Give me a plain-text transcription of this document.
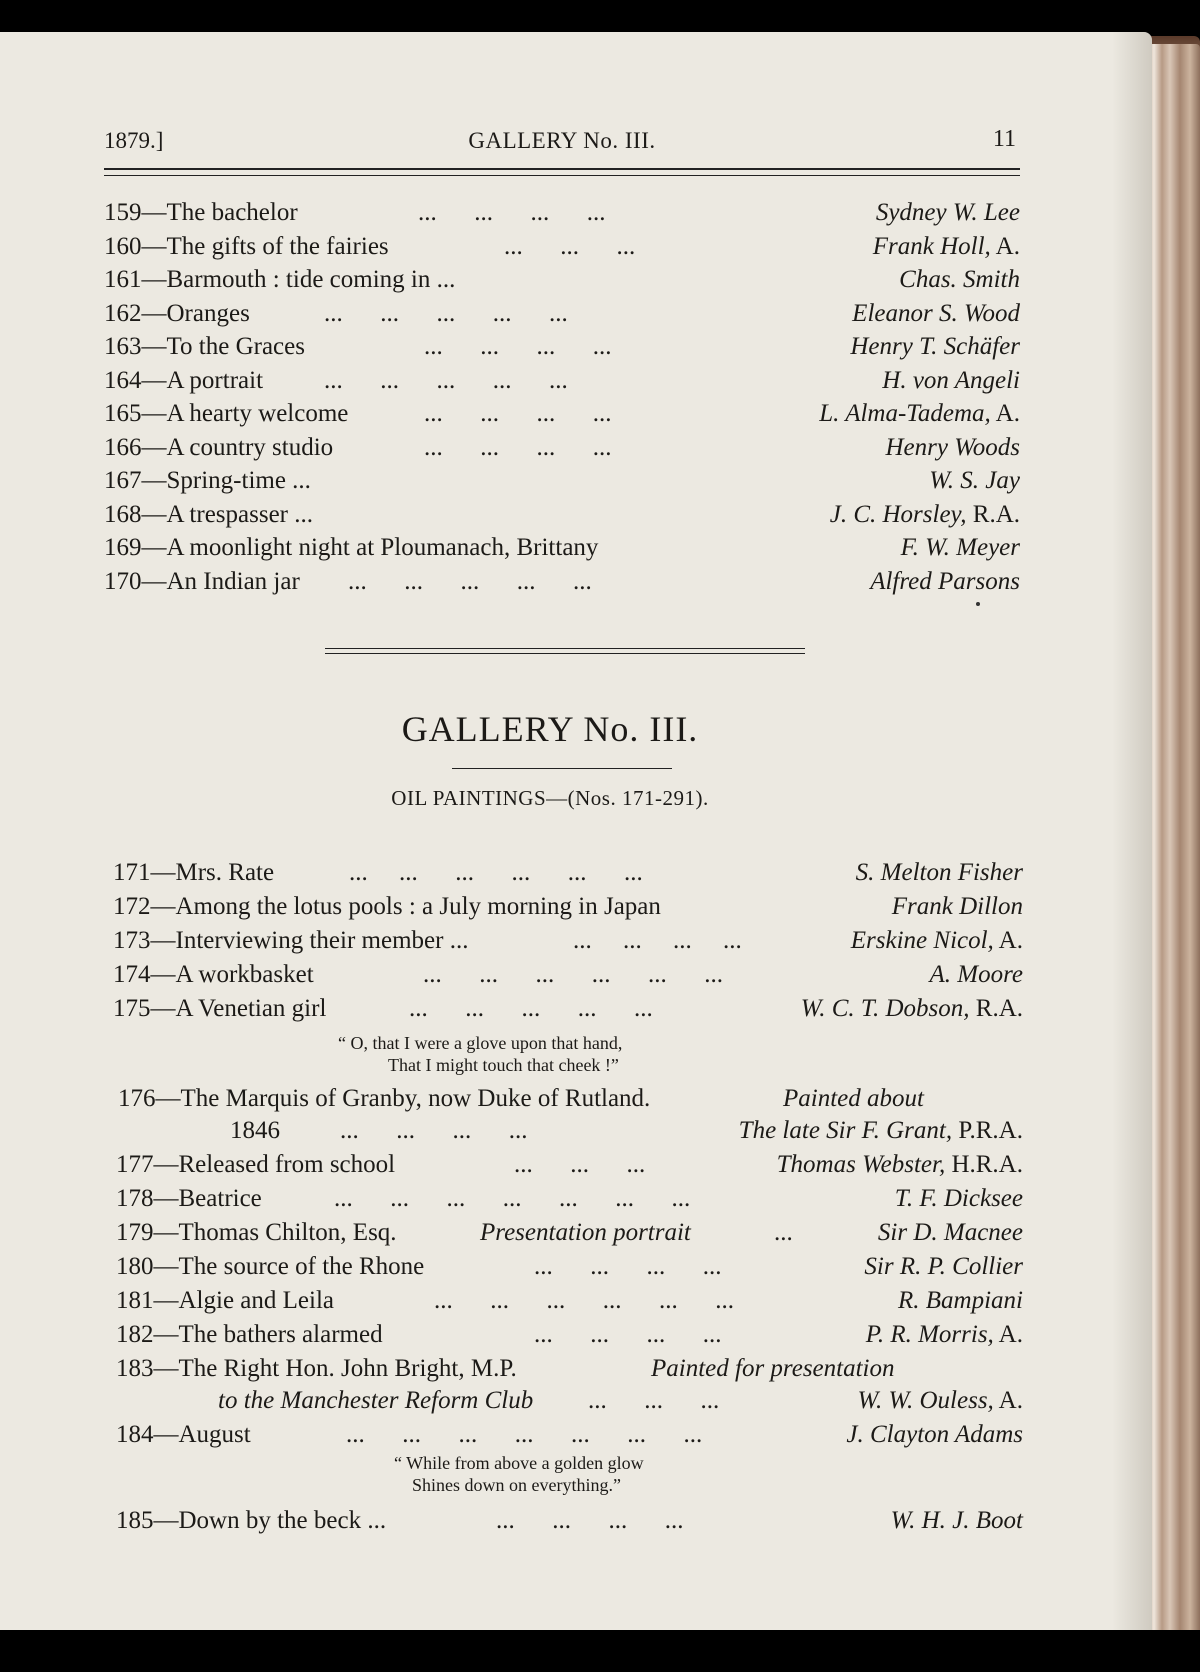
1879.]	GALLERY No. III.	11
159—The bachelor	...      ...      ...      ...	Sydney W. Lee
160—The gifts of the fairies	...      ...      ...	Frank Holl, A.
161—Barmouth : tide coming in ...	Chas. Smith
162—Oranges	...      ...      ...      ...      ...	Eleanor S. Wood
163—To the Graces	...      ...      ...      ...	Henry T. Schäfer
164—A portrait ...      ...      ...      ...      ...	H. von Angeli
165—A hearty welcome	...      ...      ...      ...	L. Alma-Tadema, A.
166—A country studio	...      ...      ...      ...	Henry Woods
167—Spring-time ...	W. S. Jay
168—A trespasser ...	J. C. Horsley, R.A.
169—A moonlight night at Ploumanach, Brittany	F. W. Meyer
170—An Indian jar ...      ...      ...      ...      ...	Alfred Parsons
GALLERY No. III.
OIL PAINTINGS—(Nos. 171-291).
171—Mrs. Rate	...     ...      ...      ...      ...      ...	S. Melton Fisher
172—Among the lotus pools : a July morning in Japan	Frank Dillon
173—Interviewing their member ...	...     ...     ...     ...	Erskine Nicol, A.
174—A workbasket	...      ...      ...      ...      ...      ...	A. Moore
175—A Venetian girl	...      ...      ...      ...      ...	W. C. T. Dobson, R.A.
“ O, that I were a glove upon that hand,
That I might touch that cheek !”
176—The Marquis of Granby, now Duke of Rutland.	Painted about
1846 ...      ...      ...      ...	The late Sir F. Grant, P.R.A.
177—Released from school	...      ...      ...	Thomas Webster, H.R.A.
178—Beatrice	...      ...      ...      ...      ...      ...      ...	T. F. Dicksee
179—Thomas Chilton, Esq.	Presentation portrait	...	Sir D. Macnee
180—The source of the Rhone	...      ...      ...      ...	Sir R. P. Collier
181—Algie and Leila	...      ...      ...      ...      ...      ...	R. Bampiani
182—The bathers alarmed	...      ...      ...      ...	P. R. Morris, A.
183—The Right Hon. John Bright, M.P.	Painted for presentation
to the Manchester Reform Club ...      ...      ...	W. W. Ouless, A.
184—August	...      ...      ...      ...      ...      ...      ...	J. Clayton Adams
“ While from above a golden glow
Shines down on everything.”
185—Down by the beck ...	...      ...      ...      ...	W. H. J. Boot
